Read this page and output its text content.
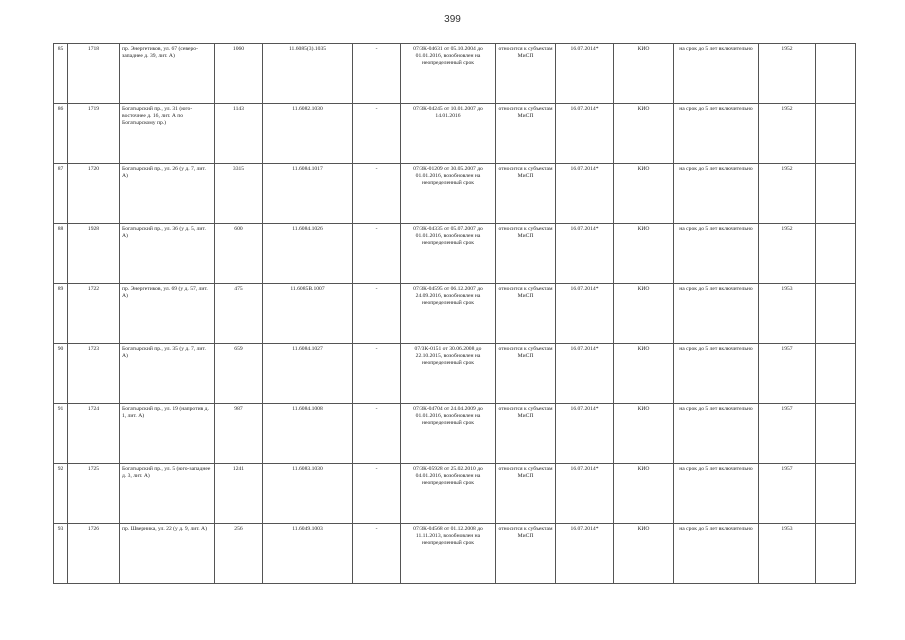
399
85	1718	пр. Энергетиков, ул. 67 (северо-западнее д. 39, лит. А)	1060	11.6085(3).1035	-	07/ЗК-04631 от 05.10.2004 до 01.01.2016, возобновлен на неопределенный срок	относится к субъектам МиСП	16.07.2014*	КИО	на срок до 5 лет включительно	1952	
86	1719	Богатырский пр., ул. 31 (юго-восточнее д. 16, лит. А по Богатырскому пр.)	1143	11.6082.1030	-	07/ЗК-04245 от 10.01.2007 до 14.01.2016	относится к субъектам МиСП	16.07.2014*	КИО	на срок до 5 лет включительно	1952	
87	1720	Богатырский пр., ул. 26 (у д. 7, лит. А)	3315	11.6084.1017	-	07/ЗК-01209 от 30.05.2007 до 01.01.2016, возобновлен на неопределенный срок	относится к субъектам МиСП	16.07.2014*	КИО	на срок до 5 лет включительно	1952	
88	1928	Богатырский пр., ул. 36 (у д. 5, лит. А)	600	11.6084.1026	-	07/ЗК-04335 от 05.07.2007 до 01.01.2016, возобновлен на неопределенный срок	относится к субъектам МиСП	16.07.2014*	КИО	на срок до 5 лет включительно	1952	
89	1722	пр. Энергетиков, ул. 69 (у д. 57, лит. А)	475	11.6085В.1007	-	07/ЗК-04595 от 06.12.2007 до 24.09.2016, возобновлен на неопределенный срок	относится к субъектам МиСП	16.07.2014*	КИО	на срок до 5 лет включительно	1953	
90	1723	Богатырский пр., ул. 35 (у д. 7, лит. А)	659	11.6084.1027	-	07/ЗК-0151 от 30.06.2008 до 22.10.2015, возобновлен на неопределенный срок	относится к субъектам МиСП	16.07.2014*	КИО	на срок до 5 лет включительно	1957	
91	1724	Богатырский пр., ул. 19 (напротив д. 1, лит. А)	987	11.6084.1008	-	07/ЗК-04704 от 24.04.2009 до 01.01.2016, возобновлен на неопределенный срок	относится к субъектам МиСП	16.07.2014*	КИО	на срок до 5 лет включительно	1957	
92	1725	Богатырский пр., ул. 5 (юго-западнее д. 3, лит. А)	1241	11.6083.1030	-	07/ЗК-05928 от 25.02.2010 до 04.01.2016, возобновлен на неопределенный срок	относится к субъектам МиСП	16.07.2014*	КИО	на срок до 5 лет включительно	1957	
93	1726	пр. Шверника, ул. 22 (у д. 9, лит. А)	256	11.6049.1003	-	07/ЗК-04568 от 01.12.2008 до 11.11.2013, возобновлен на неопределенный срок	относится к субъектам МиСП	16.07.2014*	КИО	на срок до 5 лет включительно	1953	
